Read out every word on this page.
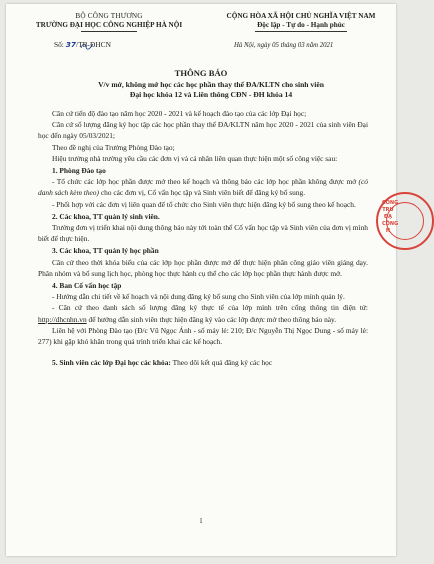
BỘ CÔNG THƯƠNG
TRƯỜNG ĐẠI HỌC CÔNG NGHIỆP HÀ NỘI
CỘNG HÒA XÃ HỘI CHỦ NGHĨA VIỆT NAM
Độc lập - Tự do - Hạnh phúc
Số: 37/TB-ĐHCN	Hà Nội, ngày 05 tháng 03 năm 2021
THÔNG BÁO
V/v mở, không mở học các học phần thay thế ĐA/KLTN cho sinh viên
Đại học khóa 12 và Liên thông CĐN - ĐH khóa 14

Căn cứ tiến độ đào tạo năm học 2020 - 2021 và kế hoạch đào tạo của các lớp Đại học;

Căn cứ số lượng đăng ký học tập các học phần thay thế ĐA/KLTN năm học 2020 - 2021 của sinh viên Đại học đến ngày 05/03/2021;

Theo đề nghị của Trưởng Phòng Đào tạo;

Hiệu trưởng nhà trường yêu cầu các đơn vị và cá nhân liên quan thực hiện một số công việc sau:

1. Phòng Đào tạo

- Tổ chức các lớp học phần được mở theo kế hoạch và thông báo các lớp học phần không được mở (có danh sách kèm theo) cho các đơn vị, Cố vấn học tập và Sinh viên biết để đăng ký bổ sung.

- Phối hợp với các đơn vị liên quan để tổ chức cho Sinh viên thực hiện đăng ký bổ sung theo kế hoạch.

2. Các khoa, TT quản lý sinh viên.

Trưởng đơn vị triển khai nội dung thông báo này tới toàn thể Cố vấn học tập và Sinh viên của đơn vị mình biết để thực hiện.

3. Các khoa, TT quản lý học phần

Căn cứ theo thời khóa biểu của các lớp học phần được mở để thực hiện phân công giáo viên giảng dạy. Phân nhóm và bổ sung lịch học, phòng học thực hành cụ thể cho các lớp học phần thực hành được mở.

4. Ban Cố vấn học tập

- Hướng dẫn chi tiết về kế hoạch và nội dung đăng ký bổ sung cho Sinh viên của lớp mình quản lý.

- Căn cứ theo danh sách số lượng đăng ký thực tế của lớp mình trên cổng thông tin điện tử: http://dhcnhn.vn để hướng dẫn sinh viên thực hiện đăng ký vào các lớp được mở theo thông báo này.

Liên hệ với Phòng Đào tạo (Đ/c Vũ Ngọc Ánh - số máy lẻ: 210; Đ/c Nguyễn Thị Ngọc Dung - số máy lẻ: 277) khi gặp khó khăn trong quá trình triển khai các kế hoạch.

5. Sinh viên các lớp Đại học các khóa: Theo dõi kết quả đăng ký các học

1
CÔNG TRƯ ĐẠ CÔNG H
